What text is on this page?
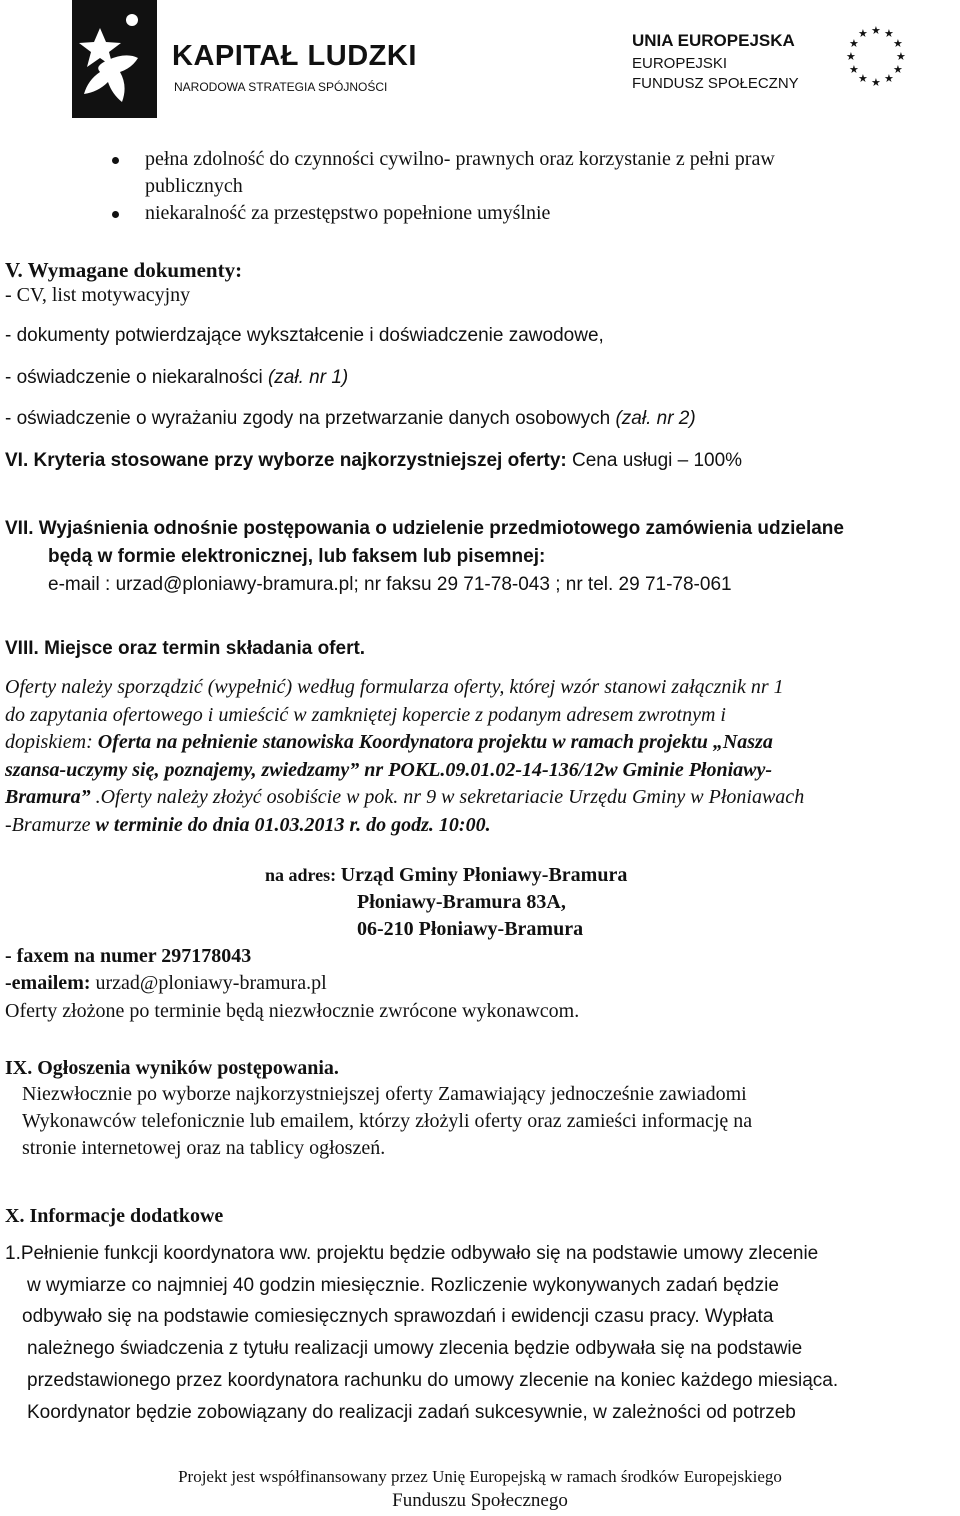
KAPITAŁ LUDZKI
NARODOWA STRATEGIA SPÓJNOŚCI
UNIA EUROPEJSKA
EUROPEJSKI
FUNDUSZ SPOŁECZNY
★ ★
★
★
★
★
★
★
★
★
★
★
pełna zdolność do czynności cywilno- prawnych oraz korzystanie z pełni praw
publicznych
niekaralność za przestępstwo popełnione umyślnie
V. Wymagane dokumenty:
- CV, list motywacyjny
- dokumenty potwierdzające wykształcenie i doświadczenie zawodowe,
- oświadczenie o niekaralności (zał. nr 1)
- oświadczenie o wyrażaniu zgody na przetwarzanie danych osobowych (zał. nr 2)
VI. Kryteria stosowane przy wyborze najkorzystniejszej oferty: Cena usługi – 100%
VII. Wyjaśnienia odnośnie postępowania o udzielenie przedmiotowego zamówienia udzielane
będą w formie elektronicznej, lub faksem lub pisemnej:
e-mail : urzad@ploniawy-bramura.pl; nr faksu 29 71-78-043 ; nr tel. 29 71-78-061
VIII. Miejsce oraz termin składania ofert.
Oferty należy sporządzić (wypełnić) według formularza oferty, której wzór stanowi załącznik nr 1
do zapytania ofertowego i umieścić w zamkniętej kopercie z podanym adresem zwrotnym i
dopiskiem: Oferta na pełnienie stanowiska Koordynatora projektu w ramach projektu „Nasza
szansa-uczymy się, poznajemy, zwiedzamy” nr POKL.09.01.02-14-136/12w Gminie Płoniawy-
Bramura” .Oferty należy złożyć osobiście w pok. nr 9 w sekretariacie Urzędu Gminy w Płoniawach
-Bramurze w terminie do dnia 01.03.2013 r. do godz. 10:00.
na adres: Urząd Gminy Płoniawy-Bramura
Płoniawy-Bramura 83A,
06-210 Płoniawy-Bramura
- faxem na numer 297178043
-emailem: urzad@ploniawy-bramura.pl
Oferty złożone po terminie będą niezwłocznie zwrócone wykonawcom.
IX. Ogłoszenia wyników postępowania.
Niezwłocznie po wyborze najkorzystniejszej oferty Zamawiający jednocześnie zawiadomi
Wykonawców telefonicznie lub emailem, którzy złożyli oferty oraz zamieści informację na
stronie internetowej oraz na tablicy ogłoszeń.
X. Informacje dodatkowe
1.Pełnienie funkcji koordynatora ww. projektu będzie odbywało się na podstawie umowy zlecenie
w wymiarze co najmniej 40 godzin miesięcznie. Rozliczenie wykonywanych zadań będzie
odbywało się na podstawie comiesięcznych sprawozdań i ewidencji czasu pracy. Wypłata
należnego świadczenia z tytułu realizacji umowy zlecenia będzie odbywała się na podstawie
przedstawionego przez koordynatora rachunku do umowy zlecenie na koniec każdego miesiąca.
Koordynator będzie zobowiązany do realizacji zadań sukcesywnie, w zależności od potrzeb
Projekt jest współfinansowany przez Unię Europejską w ramach środków Europejskiego
Funduszu Społecznego
